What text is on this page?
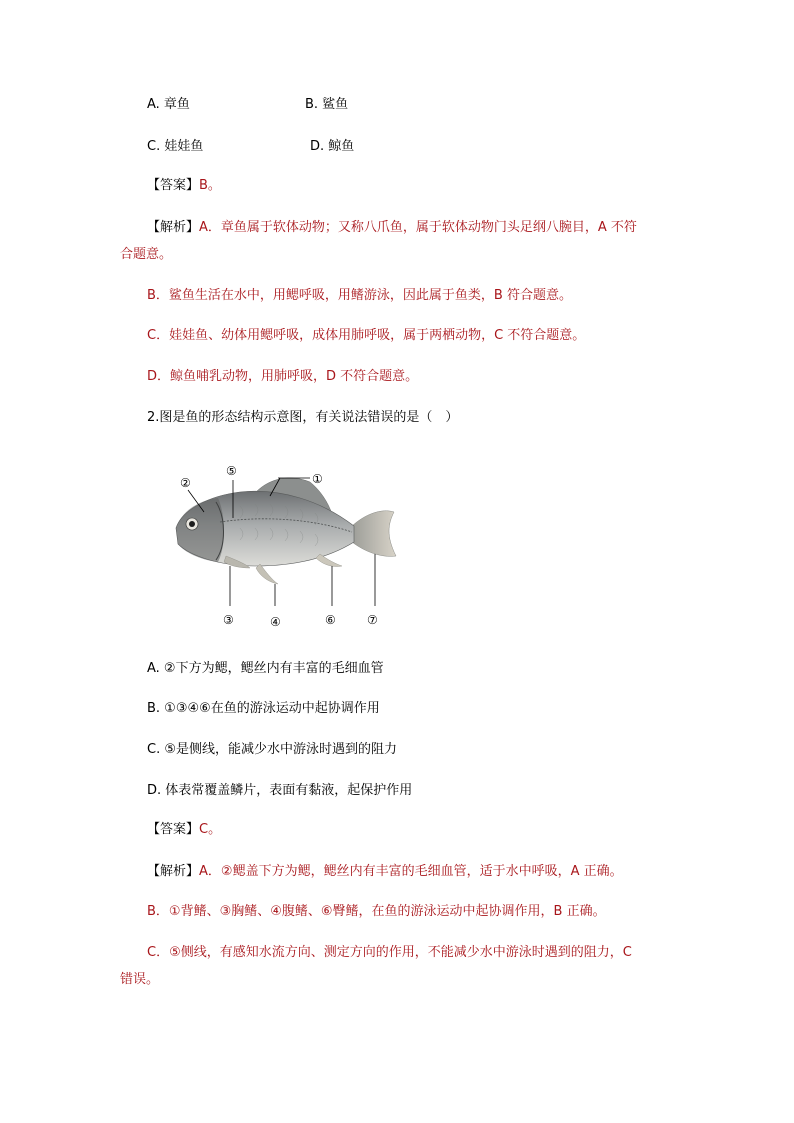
A. 章鱼	B. 鲨鱼
C. 娃娃鱼	D. 鲸鱼
【答案】B。
【解析】A．章鱼属于软体动物；又称八爪鱼，属于软体动物门头足纲八腕目，A 不符
合题意。
B．鲨鱼生活在水中，用鳃呼吸，用鳍游泳，因此属于鱼类，B 符合题意。
C．娃娃鱼、幼体用鳃呼吸，成体用肺呼吸，属于两栖动物，C 不符合题意。
D．鲸鱼哺乳动物，用肺呼吸，D 不符合题意。
2.图是鱼的形态结构示意图，有关说法错误的是（　）
①
②
⑤
③	④	⑥	⑦
A. ②下方为鳃，鳃丝内有丰富的毛细血管
B. ①③④⑥在鱼的游泳运动中起协调作用
C. ⑤是侧线，能减少水中游泳时遇到的阻力
D. 体表常覆盖鳞片，表面有黏液，起保护作用
【答案】C。
【解析】A．②鳃盖下方为鳃，鳃丝内有丰富的毛细血管，适于水中呼吸，A 正确。
B．①背鳍、③胸鳍、④腹鳍、⑥臀鳍，在鱼的游泳运动中起协调作用，B 正确。
C．⑤侧线，有感知水流方向、测定方向的作用，不能减少水中游泳时遇到的阻力，C
错误。
